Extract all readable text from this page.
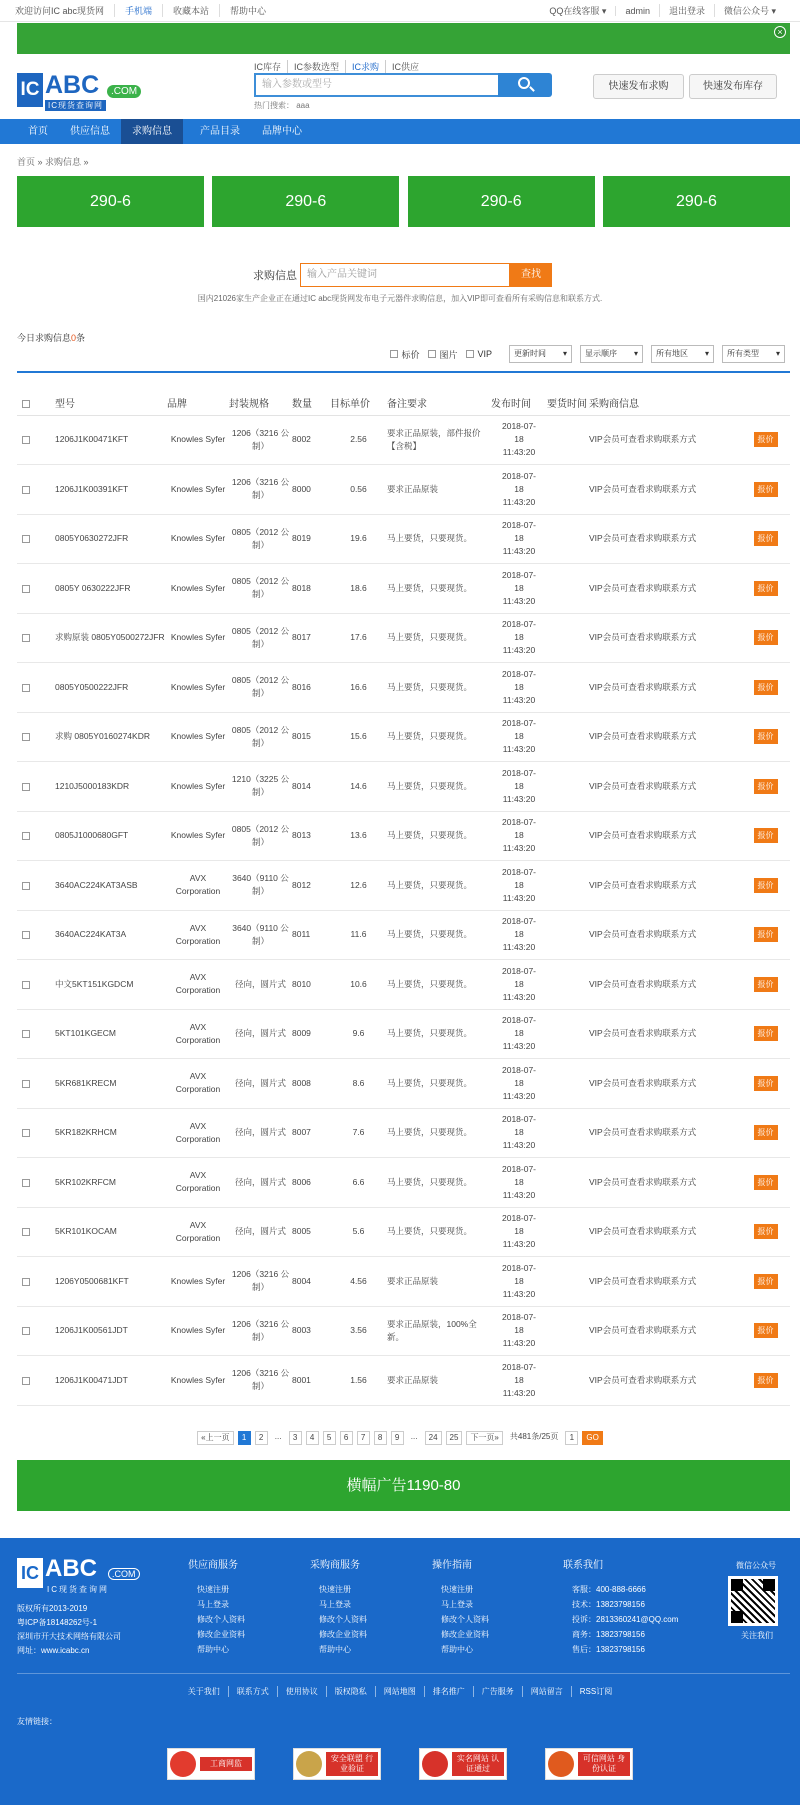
欢迎访问IC abc现货网	手机端	收藏本站	帮助中心	QQ在线客服 ▾	admin	退出登录	微信公众号 ▾
×
IC ABC	.COM
IC现货查询网
IC库存	IC参数选型	IC求购	IC供应
输入参数或型号
热门搜索： aaa
快速发布求购	快速发布库存
首页	供应信息	求购信息	产品目录	品牌中心
首页 » 求购信息 »
290-6	290-6	290-6	290-6
求购信息	输入产品关键词	查找
国内21026家生产企业正在通过IC abc现货网发布电子元器件求购信息，加入VIP即可查看所有采购信息和联系方式.
今日求购信息0条
标价 图片 VIP	更新时间 ▾ 显示顺序 ▾ 所有地区 ▾ 所有类型 ▾
	型号	品牌	封装规格	数量	目标单价	备注要求	发布时间	要货时间	采购商信息	
	1206J1K00471KFT	Knowles Syfer	1206（3216 公制）	8002	2.56	要求正品原装，部件报价【含税】	2018-07-18 11:43:20		VIP会员可查看求购联系方式	报价
	1206J1K00391KFT	Knowles Syfer	1206（3216 公制）	8000	0.56	要求正品原装	2018-07-18 11:43:20		VIP会员可查看求购联系方式	报价
	0805Y0630272JFR	Knowles Syfer	0805（2012 公制）	8019	19.6	马上要货，只要现货。	2018-07-18 11:43:20		VIP会员可查看求购联系方式	报价
	0805Y 0630222JFR	Knowles Syfer	0805（2012 公制）	8018	18.6	马上要货，只要现货。	2018-07-18 11:43:20		VIP会员可查看求购联系方式	报价
	求购原装 0805Y0500272JFR	Knowles Syfer	0805（2012 公制）	8017	17.6	马上要货，只要现货。	2018-07-18 11:43:20		VIP会员可查看求购联系方式	报价
	0805Y0500222JFR	Knowles Syfer	0805（2012 公制）	8016	16.6	马上要货，只要现货。	2018-07-18 11:43:20		VIP会员可查看求购联系方式	报价
	求购 0805Y0160274KDR	Knowles Syfer	0805（2012 公制）	8015	15.6	马上要货，只要现货。	2018-07-18 11:43:20		VIP会员可查看求购联系方式	报价
	1210J5000183KDR	Knowles Syfer	1210（3225 公制）	8014	14.6	马上要货，只要现货。	2018-07-18 11:43:20		VIP会员可查看求购联系方式	报价
	0805J1000680GFT	Knowles Syfer	0805（2012 公制）	8013	13.6	马上要货，只要现货。	2018-07-18 11:43:20		VIP会员可查看求购联系方式	报价
	3640AC224KAT3ASB	AVX Corporation	3640（9110 公制）	8012	12.6	马上要货，只要现货。	2018-07-18 11:43:20		VIP会员可查看求购联系方式	报价
	3640AC224KAT3A	AVX Corporation	3640（9110 公制）	8011	11.6	马上要货，只要现货。	2018-07-18 11:43:20		VIP会员可查看求购联系方式	报价
	中文5KT151KGDCM	AVX Corporation	径向，圆片式	8010	10.6	马上要货，只要现货。	2018-07-18 11:43:20		VIP会员可查看求购联系方式	报价
	5KT101KGECM	AVX Corporation	径向，圆片式	8009	9.6	马上要货，只要现货。	2018-07-18 11:43:20		VIP会员可查看求购联系方式	报价
	5KR681KRECM	AVX Corporation	径向，圆片式	8008	8.6	马上要货，只要现货。	2018-07-18 11:43:20		VIP会员可查看求购联系方式	报价
	5KR182KRHCM	AVX Corporation	径向，圆片式	8007	7.6	马上要货，只要现货。	2018-07-18 11:43:20		VIP会员可查看求购联系方式	报价
	5KR102KRFCM	AVX Corporation	径向，圆片式	8006	6.6	马上要货，只要现货。	2018-07-18 11:43:20		VIP会员可查看求购联系方式	报价
	5KR101KOCAM	AVX Corporation	径向，圆片式	8005	5.6	马上要货，只要现货。	2018-07-18 11:43:20		VIP会员可查看求购联系方式	报价
	1206Y0500681KFT	Knowles Syfer	1206（3216 公制）	8004	4.56	要求正品原装	2018-07-18 11:43:20		VIP会员可查看求购联系方式	报价
	1206J1K00561JDT	Knowles Syfer	1206（3216 公制）	8003	3.56	要求正品原装，100%全新。	2018-07-18 11:43:20		VIP会员可查看求购联系方式	报价
	1206J1K00471JDT	Knowles Syfer	1206（3216 公制）	8001	1.56	要求正品原装	2018-07-18 11:43:20		VIP会员可查看求购联系方式	报价
«上一页	1	2	...	3	4	5	6	7	8	9	...	24	25	下一页»	共481条/25页	1	GO
横幅广告1190-80
IC ABC	.COM
IC现货查询网
版权所有2013-2019
粤ICP备18148262号-1
深圳市开大技术网络有限公司
网址：www.icabc.cn
供应商服务
快速注册
马上登录
修改个人资料
修改企业资料
帮助中心
采购商服务
快速注册
马上登录
修改个人资料
修改企业资料
帮助中心
操作指南
快速注册
马上登录
修改个人资料
修改企业资料
帮助中心
联系我们
客服：400-888-6666
技术：13823798156
投诉：2813360241@QQ.com
商务：13823798156
售后：13823798156
微信公众号
关注我们
关于我们	联系方式	使用协议	版权隐私	网站地图	排名推广	广告服务	网站留言	RSS订阅
友情链接：
工商网监
安全联盟 行业验证
实名网站 认证通过
可信网站 身份认证
